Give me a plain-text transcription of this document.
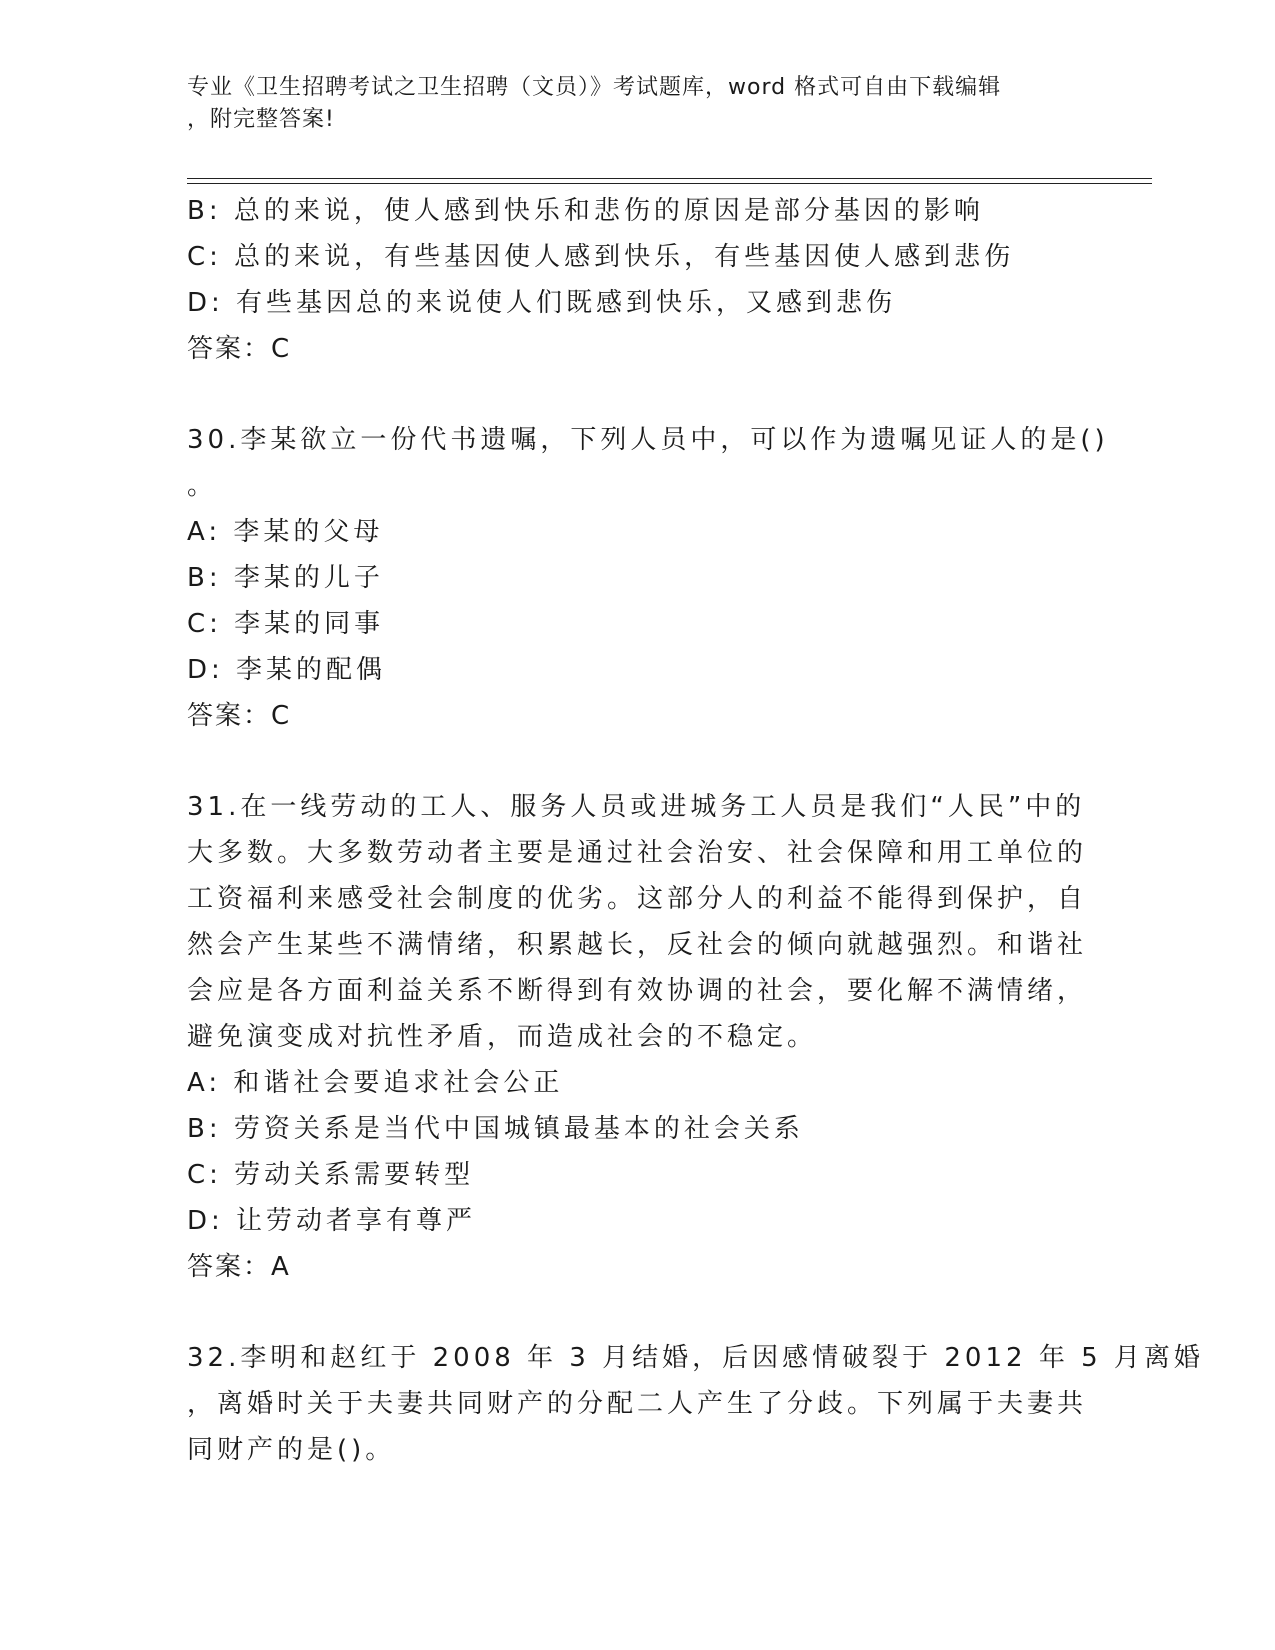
专业《卫生招聘考试之卫生招聘（文员）》考试题库，word 格式可自由下载编辑
，附完整答案!
B: 总的来说，使人感到快乐和悲伤的原因是部分基因的影响
C: 总的来说，有些基因使人感到快乐，有些基因使人感到悲伤
D: 有些基因总的来说使人们既感到快乐，又感到悲伤
答案：C
30.李某欲立一份代书遗嘱，下列人员中，可以作为遗嘱见证人的是()
。
A: 李某的父母
B: 李某的儿子
C: 李某的同事
D: 李某的配偶
答案：C
31.在一线劳动的工人、服务人员或进城务工人员是我们“人民”中的
大多数。大多数劳动者主要是通过社会治安、社会保障和用工单位的
工资福利来感受社会制度的优劣。这部分人的利益不能得到保护，自
然会产生某些不满情绪，积累越长，反社会的倾向就越强烈。和谐社
会应是各方面利益关系不断得到有效协调的社会，要化解不满情绪，
避免演变成对抗性矛盾，而造成社会的不稳定。
A: 和谐社会要追求社会公正
B: 劳资关系是当代中国城镇最基本的社会关系
C: 劳动关系需要转型
D: 让劳动者享有尊严
答案：A
32.李明和赵红于 2008 年 3 月结婚，后因感情破裂于 2012 年 5 月离婚
，离婚时关于夫妻共同财产的分配二人产生了分歧。下列属于夫妻共
同财产的是()。
